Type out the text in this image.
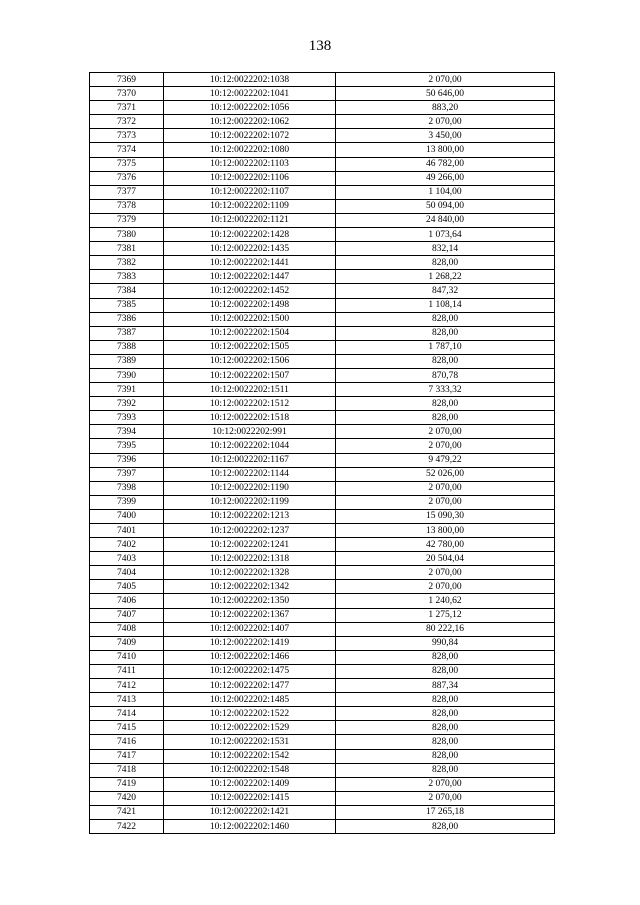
138
7369	10:12:0022202:1038	2 070,00
7370	10:12:0022202:1041	50 646,00
7371	10:12:0022202:1056	883,20
7372	10:12:0022202:1062	2 070,00
7373	10:12:0022202:1072	3 450,00
7374	10:12:0022202:1080	13 800,00
7375	10:12:0022202:1103	46 782,00
7376	10:12:0022202:1106	49 266,00
7377	10:12:0022202:1107	1 104,00
7378	10:12:0022202:1109	50 094,00
7379	10:12:0022202:1121	24 840,00
7380	10:12:0022202:1428	1 073,64
7381	10:12:0022202:1435	832,14
7382	10:12:0022202:1441	828,00
7383	10:12:0022202:1447	1 268,22
7384	10:12:0022202:1452	847,32
7385	10:12:0022202:1498	1 108,14
7386	10:12:0022202:1500	828,00
7387	10:12:0022202:1504	828,00
7388	10:12:0022202:1505	1 787,10
7389	10:12:0022202:1506	828,00
7390	10:12:0022202:1507	870,78
7391	10:12:0022202:1511	7 333,32
7392	10:12:0022202:1512	828,00
7393	10:12:0022202:1518	828,00
7394	10:12:0022202:991	2 070,00
7395	10:12:0022202:1044	2 070,00
7396	10:12:0022202:1167	9 479,22
7397	10:12:0022202:1144	52 026,00
7398	10:12:0022202:1190	2 070,00
7399	10:12:0022202:1199	2 070,00
7400	10:12:0022202:1213	15 090,30
7401	10:12:0022202:1237	13 800,00
7402	10:12:0022202:1241	42 780,00
7403	10:12:0022202:1318	20 504,04
7404	10:12:0022202:1328	2 070,00
7405	10:12:0022202:1342	2 070,00
7406	10:12:0022202:1350	1 240,62
7407	10:12:0022202:1367	1 275,12
7408	10:12:0022202:1407	80 222,16
7409	10:12:0022202:1419	990,84
7410	10:12:0022202:1466	828,00
7411	10:12:0022202:1475	828,00
7412	10:12:0022202:1477	887,34
7413	10:12:0022202:1485	828,00
7414	10:12:0022202:1522	828,00
7415	10:12:0022202:1529	828,00
7416	10:12:0022202:1531	828,00
7417	10:12:0022202:1542	828,00
7418	10:12:0022202:1548	828,00
7419	10:12:0022202:1409	2 070,00
7420	10:12:0022202:1415	2 070,00
7421	10:12:0022202:1421	17 265,18
7422	10:12:0022202:1460	828,00
